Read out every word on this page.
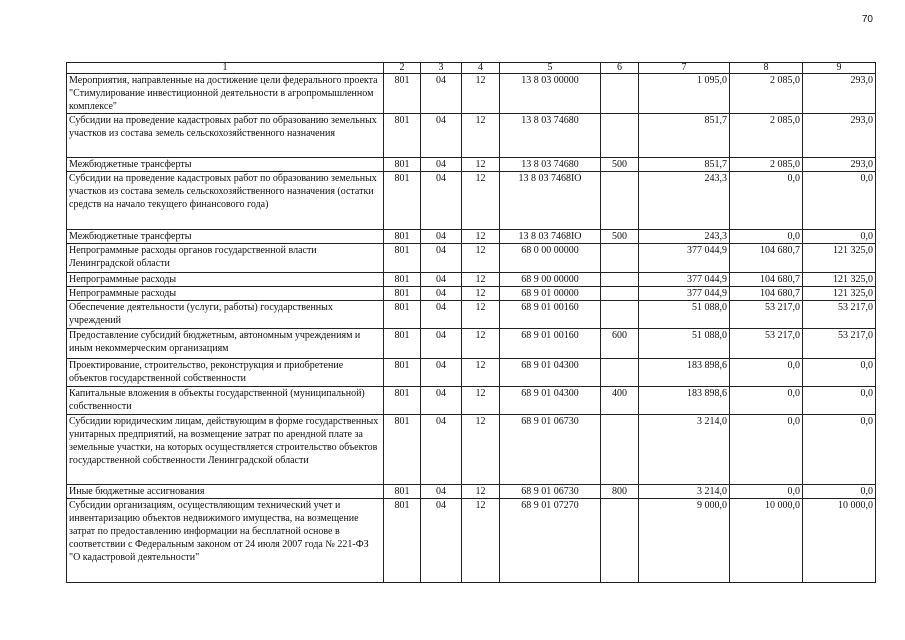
70
1	2	3	4	5	6	7	8	9
Мероприятия, направленные на достижение цели федерального проекта "Стимулирование инвестиционной деятельности в агропромышленном комплексе"	801	04	12	13 8 03 00000		1 095,0	2 085,0	293,0
Субсидии на проведение кадастровых работ по образованию земельных участков из состава земель сельскохозяйственного назначения	801	04	12	13 8 03 74680		851,7	2 085,0	293,0
Межбюджетные трансферты	801	04	12	13 8 03 74680	500	851,7	2 085,0	293,0
Субсидии на проведение кадастровых работ по образованию земельных участков из состава земель сельскохозяйственного назначения (остатки средств на начало текущего финансового года)	801	04	12	13 8 03 7468IO		243,3	0,0	0,0
Межбюджетные трансферты	801	04	12	13 8 03 7468IO	500	243,3	0,0	0,0
Непрограммные расходы органов государственной власти Ленинградской области	801	04	12	68 0 00 00000		377 044,9	104 680,7	121 325,0
Непрограммные расходы	801	04	12	68 9 00 00000		377 044,9	104 680,7	121 325,0
Непрограммные расходы	801	04	12	68 9 01 00000		377 044,9	104 680,7	121 325,0
Обеспечение деятельности (услуги, работы) государственных учреждений	801	04	12	68 9 01 00160		51 088,0	53 217,0	53 217,0
Предоставление субсидий бюджетным, автономным учреждениям и иным некоммерческим организациям	801	04	12	68 9 01 00160	600	51 088,0	53 217,0	53 217,0
Проектирование, строительство, реконструкция и приобретение объектов государственной собственности	801	04	12	68 9 01 04300		183 898,6	0,0	0,0
Капитальные вложения в объекты государственной (муниципальной) собственности	801	04	12	68 9 01 04300	400	183 898,6	0,0	0,0
Субсидии юридическим лицам, действующим в форме государственных унитарных предприятий, на возмещение затрат по арендной плате за земельные участки, на которых осуществляется строительство объектов государственной собственности Ленинградской области	801	04	12	68 9 01 06730		3 214,0	0,0	0,0
Иные бюджетные ассигнования	801	04	12	68 9 01 06730	800	3 214,0	0,0	0,0
Субсидии организациям, осуществляющим технический учет и инвентаризацию объектов недвижимого имущества, на возмещение затрат по предоставлению информации на бесплатной основе в соответствии с Федеральным законом от 24 июля 2007 года № 221-ФЗ "О кадастровой деятельности"	801	04	12	68 9 01 07270		9 000,0	10 000,0	10 000,0
